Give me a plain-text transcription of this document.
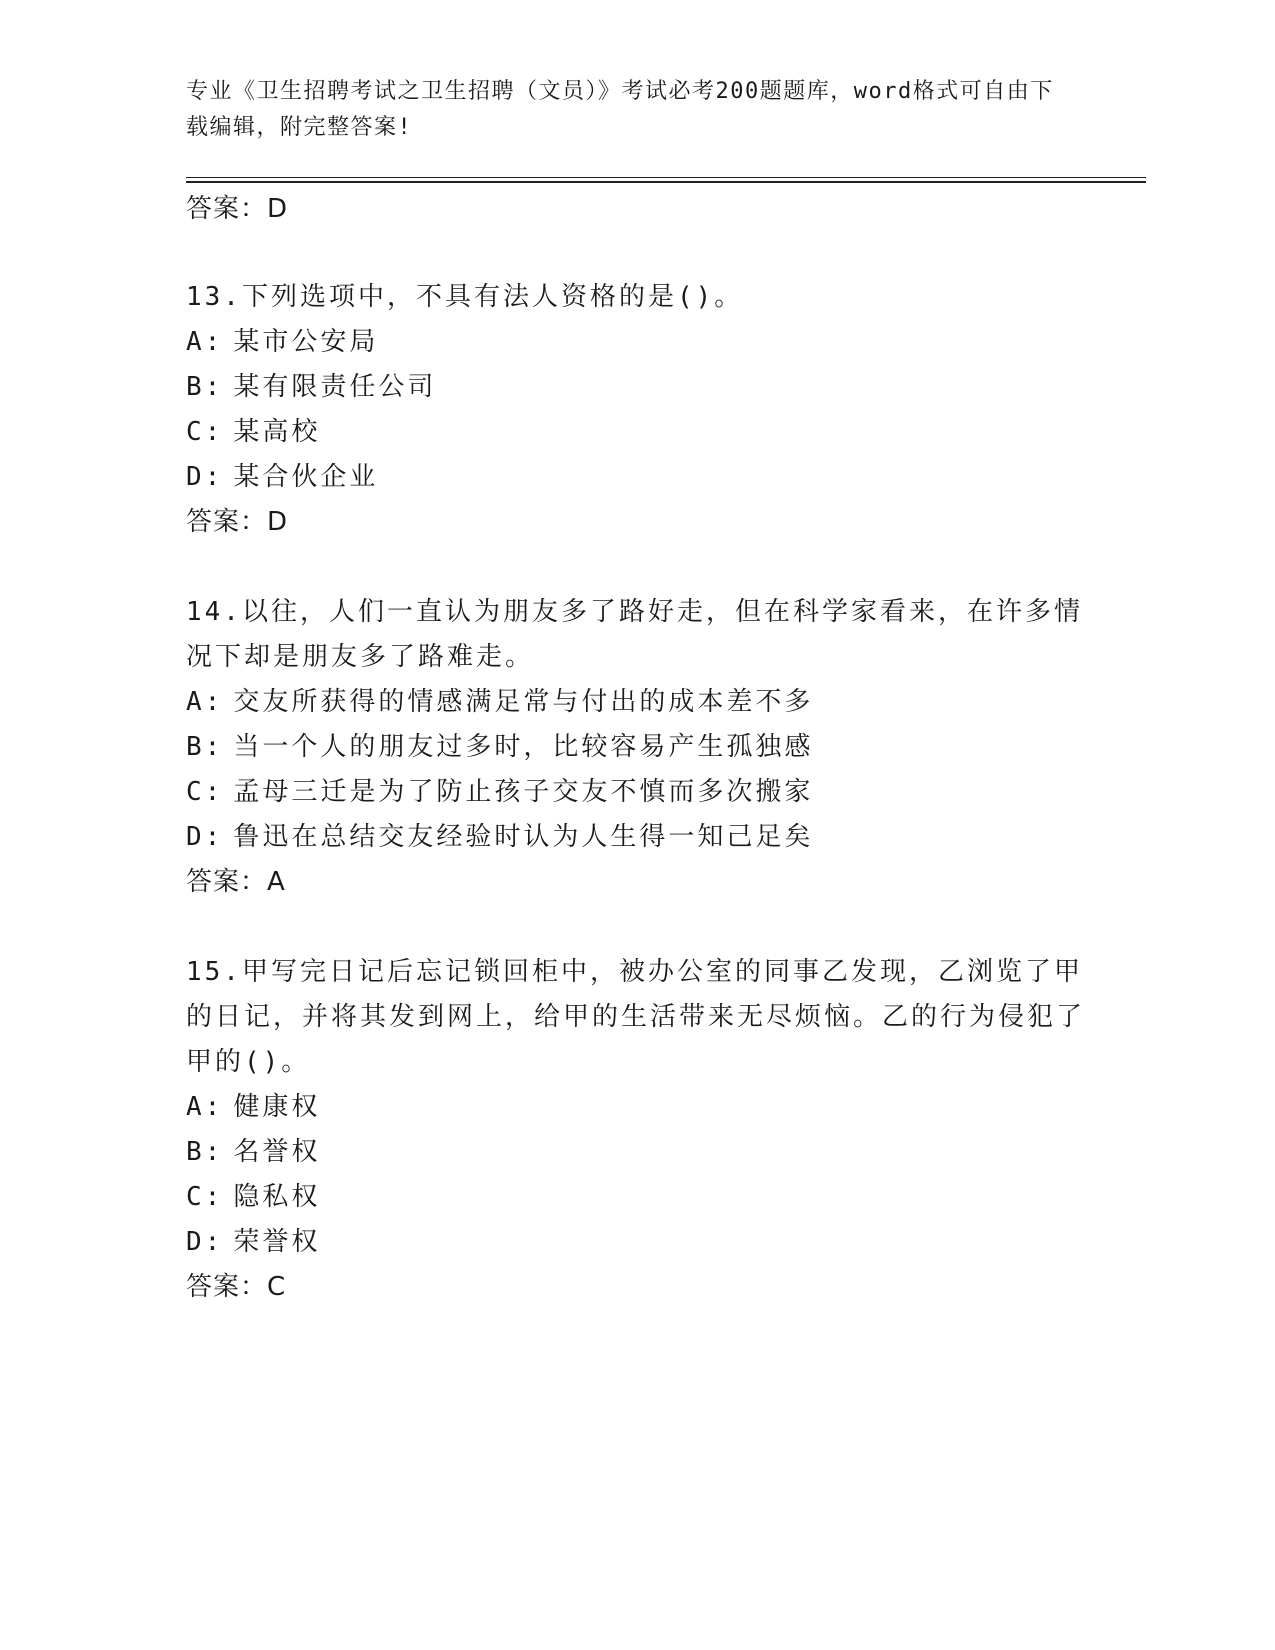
专业《卫生招聘考试之卫生招聘（文员）》考试必考200题题库，word格式可自由下载编辑，附完整答案!
答案：D
13.下列选项中，不具有法人资格的是()。
A: 某市公安局
B: 某有限责任公司
C: 某高校
D: 某合伙企业
答案：D
14.以往，人们一直认为朋友多了路好走，但在科学家看来，在许多情况下却是朋友多了路难走。
A: 交友所获得的情感满足常与付出的成本差不多
B: 当一个人的朋友过多时，比较容易产生孤独感
C: 孟母三迁是为了防止孩子交友不慎而多次搬家
D: 鲁迅在总结交友经验时认为人生得一知己足矣
答案：A
15.甲写完日记后忘记锁回柜中，被办公室的同事乙发现，乙浏览了甲的日记，并将其发到网上，给甲的生活带来无尽烦恼。乙的行为侵犯了甲的()。
A: 健康权
B: 名誉权
C: 隐私权
D: 荣誉权
答案：C
